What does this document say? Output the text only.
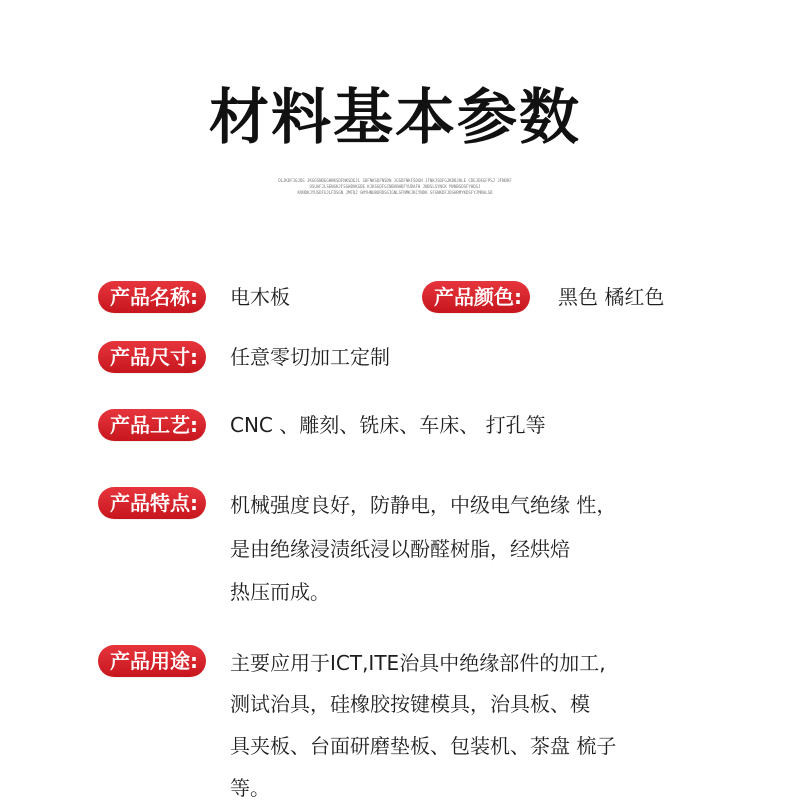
材料基本参数
OLJKDFJGJOS JKGOSNDEGHNKSDFNKSDEJL SDFNKSDFNSDN JGSDFNKFSDGN JFNKJSDFGJKDBJHLE CDEJDEGFPSJ JFNDKF
OSUAFJLSENGKJFSGHBVKSDE KJKSGDFGCNBVBHDFYUDAFH JNDSLSYNCK MVNBSDSFYHDSJ
KVNDKJYUSDFUJLFDSGN JMFDJ GMYHNUBURDSGIGNLSFNMKJKCYNDK SFGNKDFJDGHRMYKDSFYJMRALSD
产品名称:	电木板	产品颜色:	黑色 橘红色
产品尺寸:	任意零切加工定制
产品工艺:	CNC 、雕刻、铣床、车床、 打孔等
产品特点:	机械强度良好，防静电，中级电气绝缘 性，
是由绝缘浸渍纸浸以酚醛树脂，经烘焙
热压而成。
产品用途:	主要应用于ICT,ITE治具中绝缘部件的加工,
测试治具，硅橡胶按键模具，治具板、模
具夹板、台面研磨垫板、包装机、茶盘 梳子
等。
